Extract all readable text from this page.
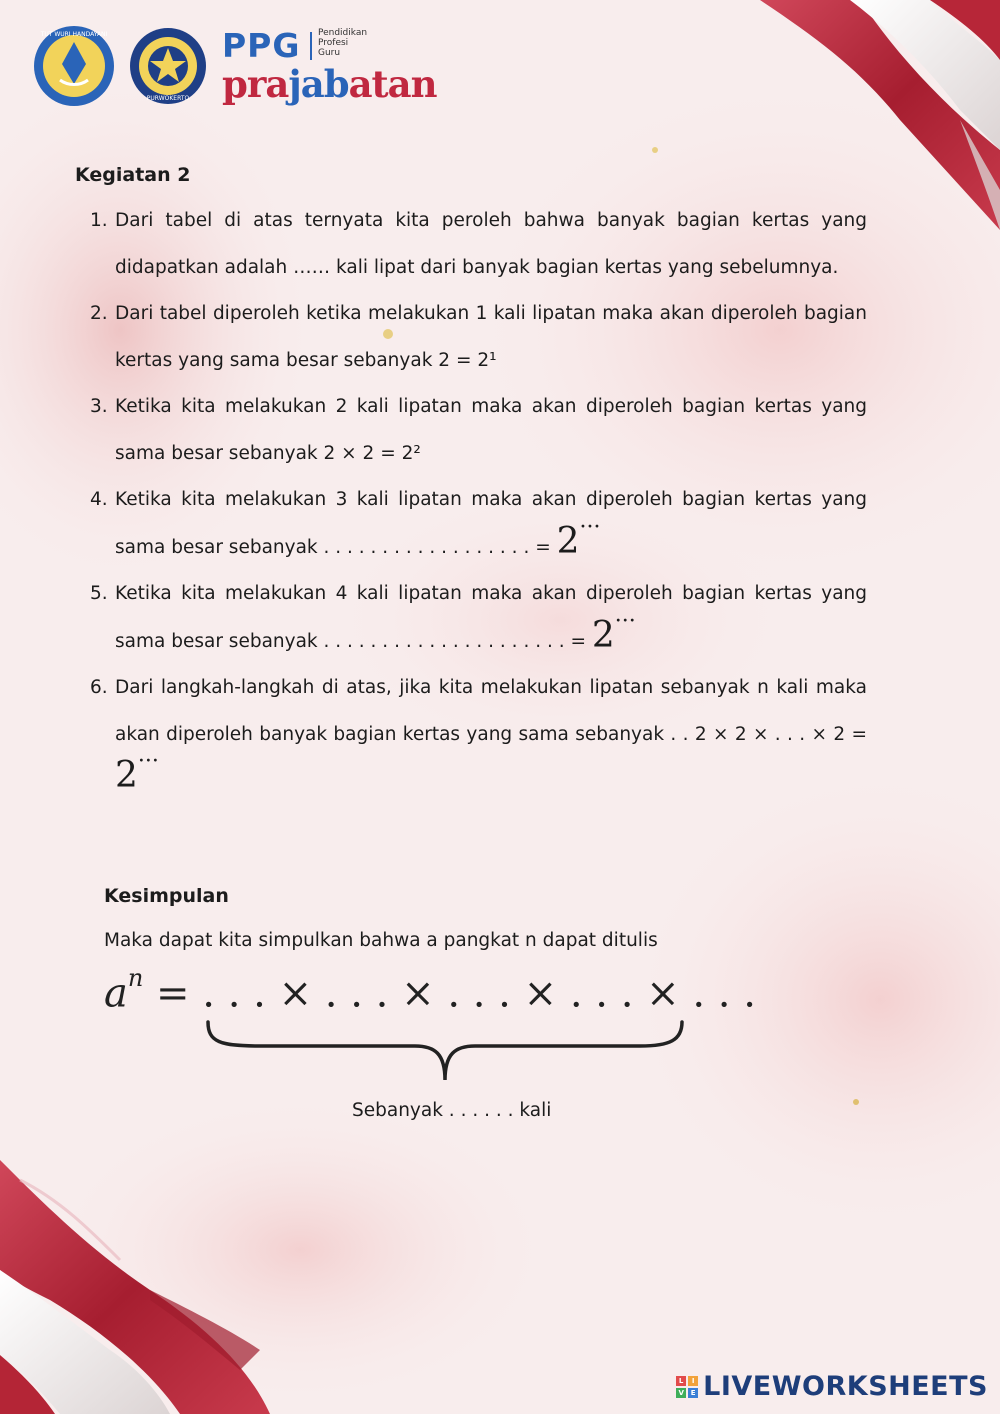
TUT WURI HANDAYANI
PURWOKERTO
PPG Pendidikan
Profesi
Guru
prajabatan
Kegiatan 2
1. Dari tabel di atas ternyata kita peroleh bahwa banyak bagian kertas yang didapatkan adalah …… kali lipat dari banyak bagian kertas yang sebelumnya.
2. Dari tabel diperoleh ketika melakukan 1 kali lipatan maka akan diperoleh bagian kertas yang sama besar sebanyak 2 = 2¹
3. Ketika kita melakukan 2 kali lipatan maka akan diperoleh bagian kertas yang sama besar sebanyak 2 × 2 = 2²
4. Ketika kita melakukan 3 kali lipatan maka akan diperoleh bagian kertas yang sama besar sebanyak . . . . . . . . . . . . . . . . . . = 2···
5. Ketika kita melakukan 4 kali lipatan maka akan diperoleh bagian kertas yang sama besar sebanyak . . . . . . . . . . . . . . . . . . . . . = 2···
6. Dari langkah-langkah di atas, jika kita melakukan lipatan sebanyak n kali maka akan diperoleh banyak bagian kertas yang sama sebanyak . . 2 × 2 × . . . × 2 = 2···
Kesimpulan
Maka dapat kita simpulkan bahwa a pangkat n dapat ditulis
$a^n$ = . . . × . . . × . . . × . . . × . . .
Sebanyak . . . . . . kali
L	I
V E LIVEWORKSHEETS
